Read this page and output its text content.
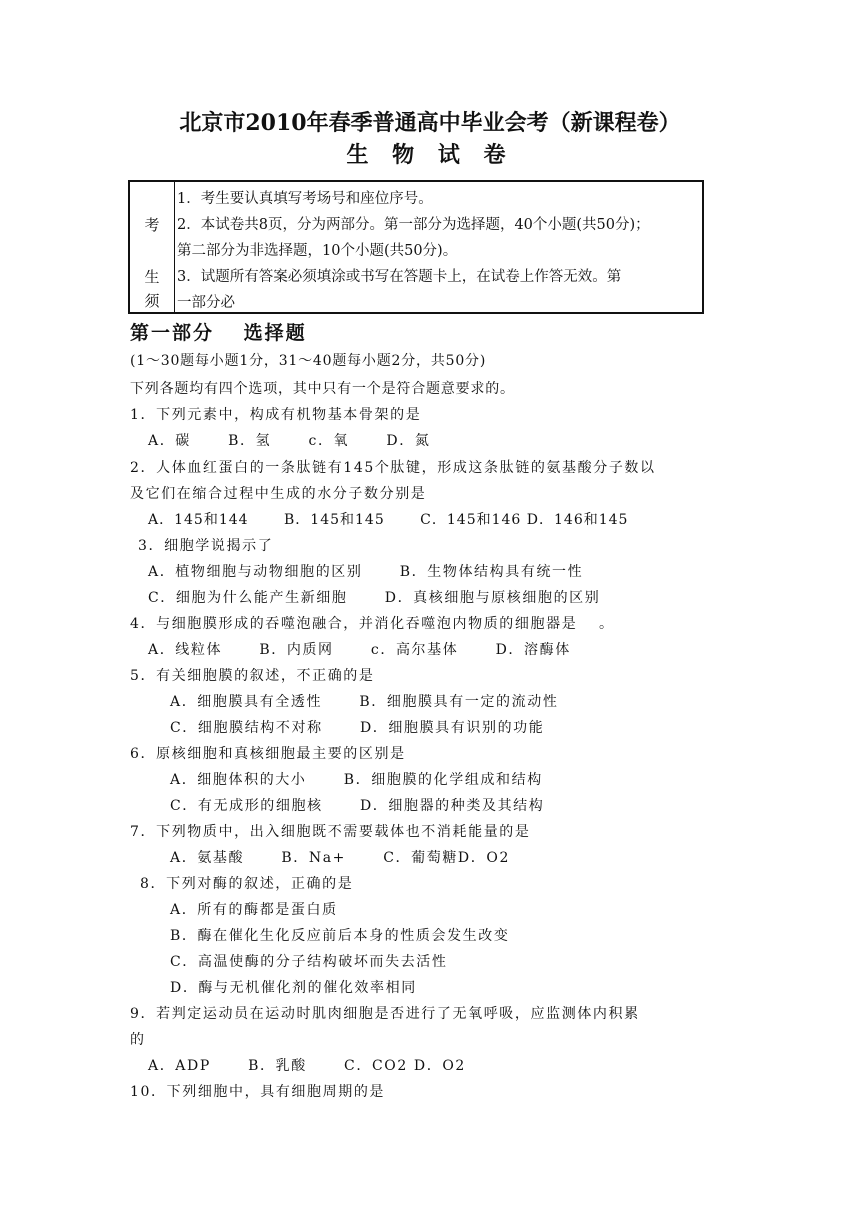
北京市2010年春季普通高中毕业会考（新课程卷）
生 物 试 卷
考
生
须
1．考生要认真填写考场号和座位序号。
2．本试卷共8页，分为两部分。第一部分为选择题，40个小题(共50分)；
第二部分为非选择题，10个小题(共50分)。
3．试题所有答案必须填涂或书写在答题卡上，在试卷上作答无效。第
一部分必
第一部分　 选择题
(1～30题每小题1分，31～40题每小题2分，共50分)
下列各题均有四个选项，其中只有一个是符合题意要求的。
1．下列元素中，构成有机物基本骨架的是
A．碳　　 B．氢　　 c．氧　　 D．氮
2．人体血红蛋白的一条肽链有145个肽键，形成这条肽链的氨基酸分子数以
及它们在缩合过程中生成的水分子数分别是
A．145和144　　 B．145和145　　 C．145和146 D．146和145
3．细胞学说揭示了
A．植物细胞与动物细胞的区别　　 B．生物体结构具有统一性
C．细胞为什么能产生新细胞　　 D．真核细胞与原核细胞的区别
4．与细胞膜形成的吞噬泡融合，并消化吞噬泡内物质的细胞器是　 。
A．线粒体　　 B．内质网　　 c．高尔基体　　 D．溶酶体
5．有关细胞膜的叙述，不正确的是
A．细胞膜具有全透性　　 B．细胞膜具有一定的流动性
C．细胞膜结构不对称　　 D．细胞膜具有识别的功能
6．原核细胞和真核细胞最主要的区别是
A．细胞体积的大小　　 B．细胞膜的化学组成和结构
C．有无成形的细胞核　　 D．细胞器的种类及其结构
7．下列物质中，出入细胞既不需要载体也不消耗能量的是
A．氨基酸　　 B．Na+　　 C．葡萄糖D．O2
8．下列对酶的叙述，正确的是
A．所有的酶都是蛋白质
B．酶在催化生化反应前后本身的性质会发生改变
C．高温使酶的分子结构破坏而失去活性
D．酶与无机催化剂的催化效率相同
9．若判定运动员在运动时肌肉细胞是否进行了无氧呼吸，应监测体内积累
的
A．ADP　　 B．乳酸　　 C．CO2 D．O2
10．下列细胞中，具有细胞周期的是
